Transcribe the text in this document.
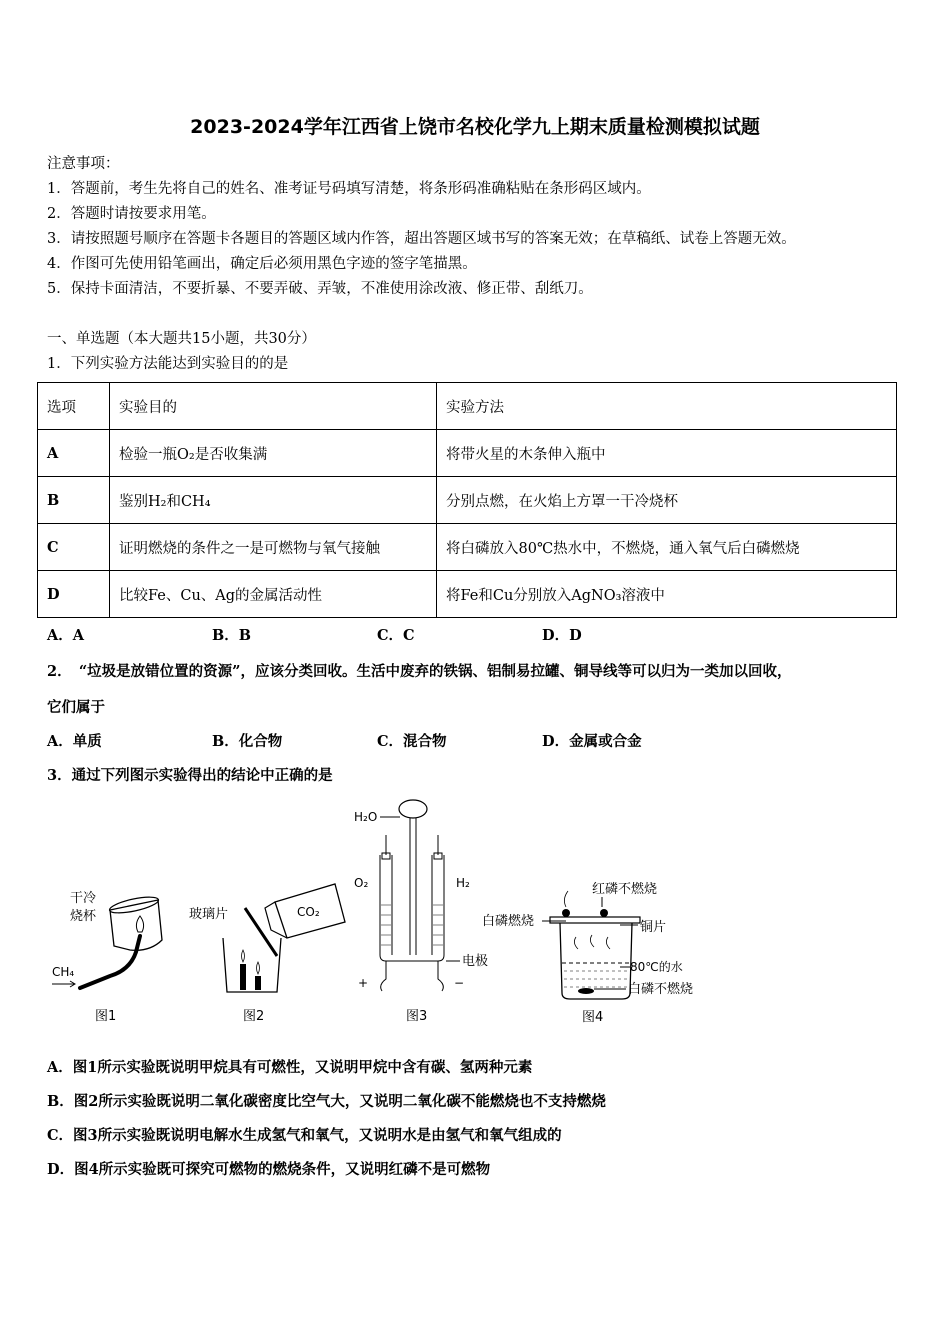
2023-2024学年江西省上饶市名校化学九上期末质量检测模拟试题
注意事项：
1．答题前，考生先将自己的姓名、准考证号码填写清楚，将条形码准确粘贴在条形码区域内。
2．答题时请按要求用笔。
3．请按照题号顺序在答题卡各题目的答题区域内作答，超出答题区域书写的答案无效；在草稿纸、试卷上答题无效。
4．作图可先使用铅笔画出，确定后必须用黑色字迹的签字笔描黑。
5．保持卡面清洁，不要折暴、不要弄破、弄皱，不准使用涂改液、修正带、刮纸刀。
一、单选题（本大题共15小题，共30分）
1．下列实验方法能达到实验目的的是
选项	实验目的	实验方法
A	检验一瓶O₂是否收集满	将带火星的木条伸入瓶中
B	鉴别H₂和CH₄	分别点燃，在火焰上方罩一干冷烧杯
C	证明燃烧的条件之一是可燃物与氧气接触	将白磷放入80℃热水中，不燃烧，通入氧气后白磷燃烧
D	比较Fe、Cu、Ag的金属活动性	将Fe和Cu分别放入AgNO₃溶液中
A．A	B．B	C．C	D．D
2．　“垃圾是放错位置的资源”，应该分类回收。生活中废弃的铁锅、铝制易拉罐、铜导线等可以归为一类加以回收，
它们属于
A．单质	B．化合物	C．混合物	D．金属或合金
3．通过下列图示实验得出的结论中正确的是
干冷
烧杯
CH₄
图1
玻璃片	CO₂
图2
H₂O
O₂	H₂
电极
+	−
图3
红磷不燃烧
白磷燃烧	铜片
80℃的水
白磷不燃烧
图4
A．图1所示实验既说明甲烷具有可燃性，又说明甲烷中含有碳、氢两种元素
B．图2所示实验既说明二氧化碳密度比空气大，又说明二氧化碳不能燃烧也不支持燃烧
C．图3所示实验既说明电解水生成氢气和氧气，又说明水是由氢气和氧气组成的
D．图4所示实验既可探究可燃物的燃烧条件，又说明红磷不是可燃物
